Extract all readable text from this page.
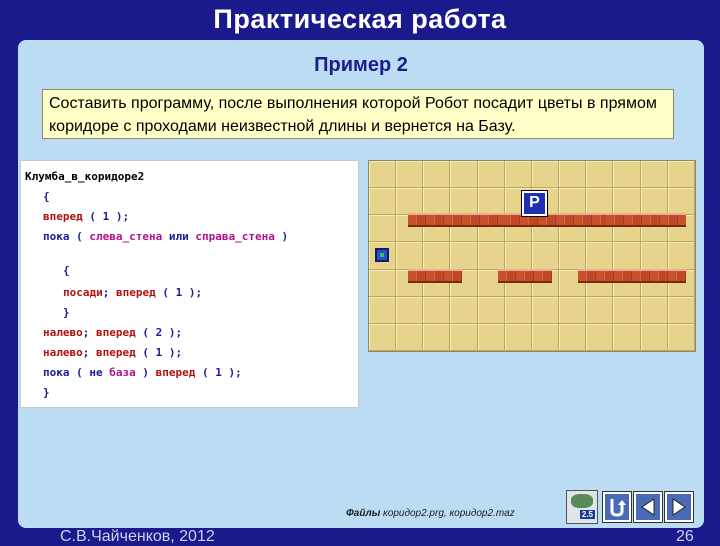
Практическая работа
Пример 2
Составить программу, после выполнения которой Робот посадит цветы в прямом коридоре с проходами неизвестной длины и вернется на Базу.
Клумба_в_коридоре2
{
вперед ( 1 );
пока ( слева_стена или справа_стена )
{
посади; вперед ( 1 );
}
налево; вперед ( 2 );
налево; вперед ( 1 );
пока ( не база ) вперед ( 1 );
}
P
Файлы коридор2.prg, коридор2.maz	2.5
С.В.Чайченков, 2012	26
